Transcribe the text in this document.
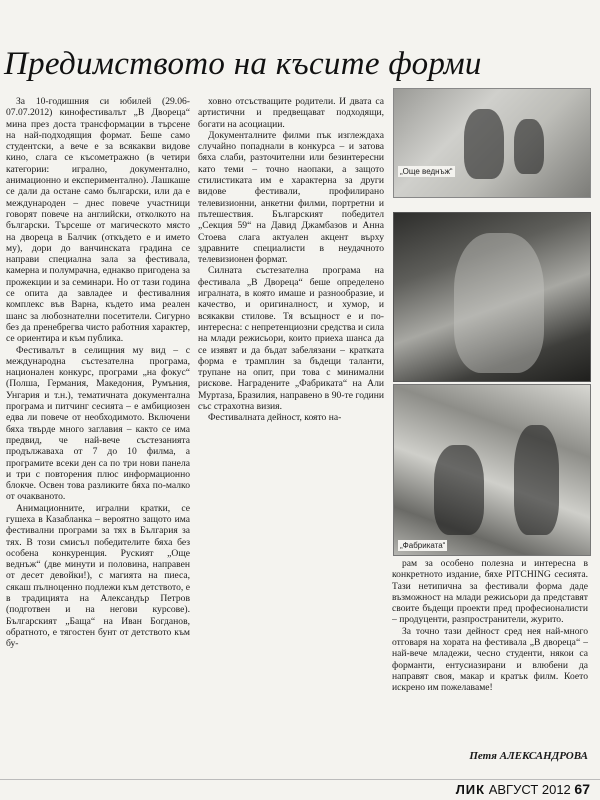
Предимството на късите форми

За 10-годишния си юбилей (29.06-07.07.2012) кинофестивалът „В Двореца“ мина през доста трансформации в търсене на най-подходящия формат. Беше само студентски, а вече е за всякакви видове кино, слага се късометражно (в четири категории: игрално, документално, анимационно и експериментално). Лашкаше се дали да остане само български, или да е международен – днес повече участници говорят повече на английски, отколкото на български. Търсеше от магическото място на двореца в Балчик (откъдето е и името му), дори до ванчинската градина се направи специална зала за фестивала, камерна и полумрачна, еднакво пригодена за прожекции и за семинари. Но от тази година се опита да завладее и фестивалния комплекс във Варна, където има реален шанс за любознателни посетители. Сигурно без да пренебрегва чисто работния характер, се ориентира и към публика.

Фестивалът в селищния му вид – с международна състезателна програма, национален конкурс, програми „на фокус“ (Полша, Германия, Македония, Румъния, Унгария и т.н.), тематичната документална програма и питчинг сесията – е амбициозен едва ли повече от необходимото. Включени бяха твърде много заглавия – както се има предвид, че най-вече състезанията продължаваха от 7 до 10 филма, а програмите всеки ден са по три нови панела и три с повторения плюс информационно блокче. Освен това разликите бяха по-малко от очакваното.

Анимационните, игрални кратки, се гушеха в Казабланка – вероятно защото има фестивални програми за тях в България за тях. В този смисъл победителите бяха без особена конкуренция. Руският „Още веднъж“ (две минути и половина, направен от десет девойки!), с магията на пиеса, сякаш пълноценно подлежи към детството, е в традицията на Александър Петров (подготвен и на негови курсове). Българският „Баща“ на Иван Богданов, обратното, е тягостен бунт от детството към бу-

ховно отсъстващите родители. И двата са артистични и предвещават подходящи, богати на асоциации.

Документалните филми пък изглеждаха случайно попаднали в конкурса – и затова бяха слаби, разточителни или безинтересни като теми – точно наопаки, а защото стилистиката им е характерна за други видове фестивали, профилирано телевизионни, анкетни филми, портретни и пътешествия. Българският победител „Секция 59“ на Давид Джамбазов и Анна Стоева слага актуален акцент върху здравните специалисти в неудачното телевизионен формат.

Силната състезателна програма на фестивала „В Двореца“ беше определено игралната, в която имаше и разнообразие, и качество, и оригиналност, и хумор, и всякакви стилове. Тя всъщност е и по-интересна: с непретенциозни средства и сила на млади режисьори, които приеха шанса да се изявят и да бъдат забелязани – кратката форма е трамплин за бъдещи таланти, трупане на опит, при това с минимални рискове. Наградените „Фабриката“ на Али Муртаза, Бразилия, направено в 90-те години със страхотна визия.

Фестивалната дейност, която на-

„Още веднъж“
„Фабриката“

рам за особено полезна и интересна в конкретното издание, бяхе PITCHING сесията. Тази нетипична за фестивали форма даде възможност на млади режисьори да представят своите бъдещи проекти пред професионалисти – продуценти, разпространители, журито.

За точно тази дейност сред нея най-много отговаря на хората на фестивала „В двореца“ – най-вече младежи, чесно студенти, някои са форманти, ентусиазирани и влюбени да направят своя, макар и кратък филм. Което искрено им пожелаваме!

Петя АЛЕКСАНДРОВА
ЛИК АВГУСТ 2012 67
